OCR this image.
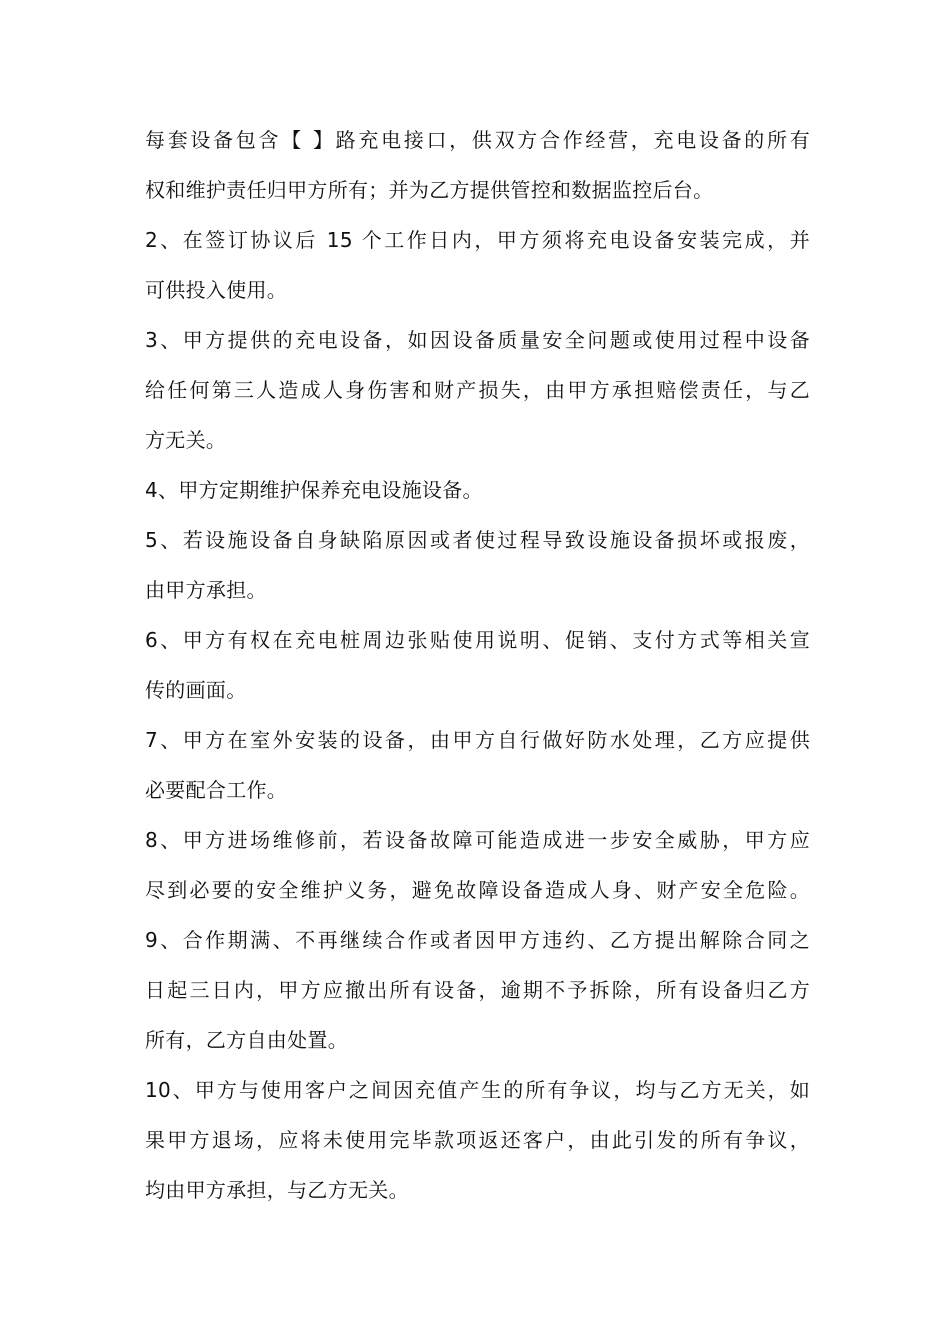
每套设备包含【 】路充电接口，供双方合作经营，充电设备的所有
权和维护责任归甲方所有；并为乙方提供管控和数据监控后台。
2、在签订协议后 15 个工作日内，甲方须将充电设备安装完成，并
可供投入使用。
3、甲方提供的充电设备，如因设备质量安全问题或使用过程中设备
给任何第三人造成人身伤害和财产损失，由甲方承担赔偿责任，与乙
方无关。
4、甲方定期维护保养充电设施设备。
5、若设施设备自身缺陷原因或者使过程导致设施设备损坏或报废，
由甲方承担。
6、甲方有权在充电桩周边张贴使用说明、促销、支付方式等相关宣
传的画面。
7、甲方在室外安装的设备，由甲方自行做好防水处理，乙方应提供
必要配合工作。
8、甲方进场维修前，若设备故障可能造成进一步安全威胁，甲方应
尽到必要的安全维护义务，避免故障设备造成人身、财产安全危险。
9、合作期满、不再继续合作或者因甲方违约、乙方提出解除合同之
日起三日内，甲方应撤出所有设备，逾期不予拆除，所有设备归乙方
所有，乙方自由处置。
10、甲方与使用客户之间因充值产生的所有争议，均与乙方无关，如
果甲方退场，应将未使用完毕款项返还客户，由此引发的所有争议，
均由甲方承担，与乙方无关。
